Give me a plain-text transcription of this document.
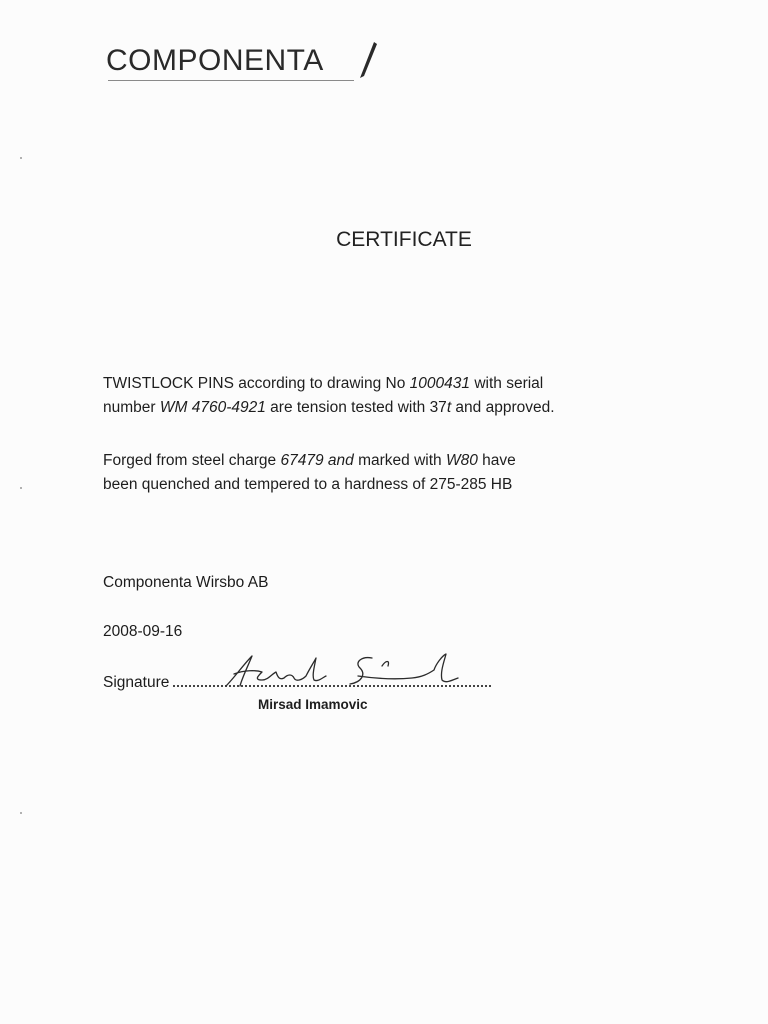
COMPONENTA
CERTIFICATE
TWISTLOCK PINS according to drawing No 1000431 with serial
number WM 4760-4921 are tension tested with 37t and approved.
Forged from steel charge 67479 and marked with W80 have
been quenched and tempered to a hardness of 275-285 HB
Componenta Wirsbo AB
2008-09-16
Signature
Mirsad Imamovic
